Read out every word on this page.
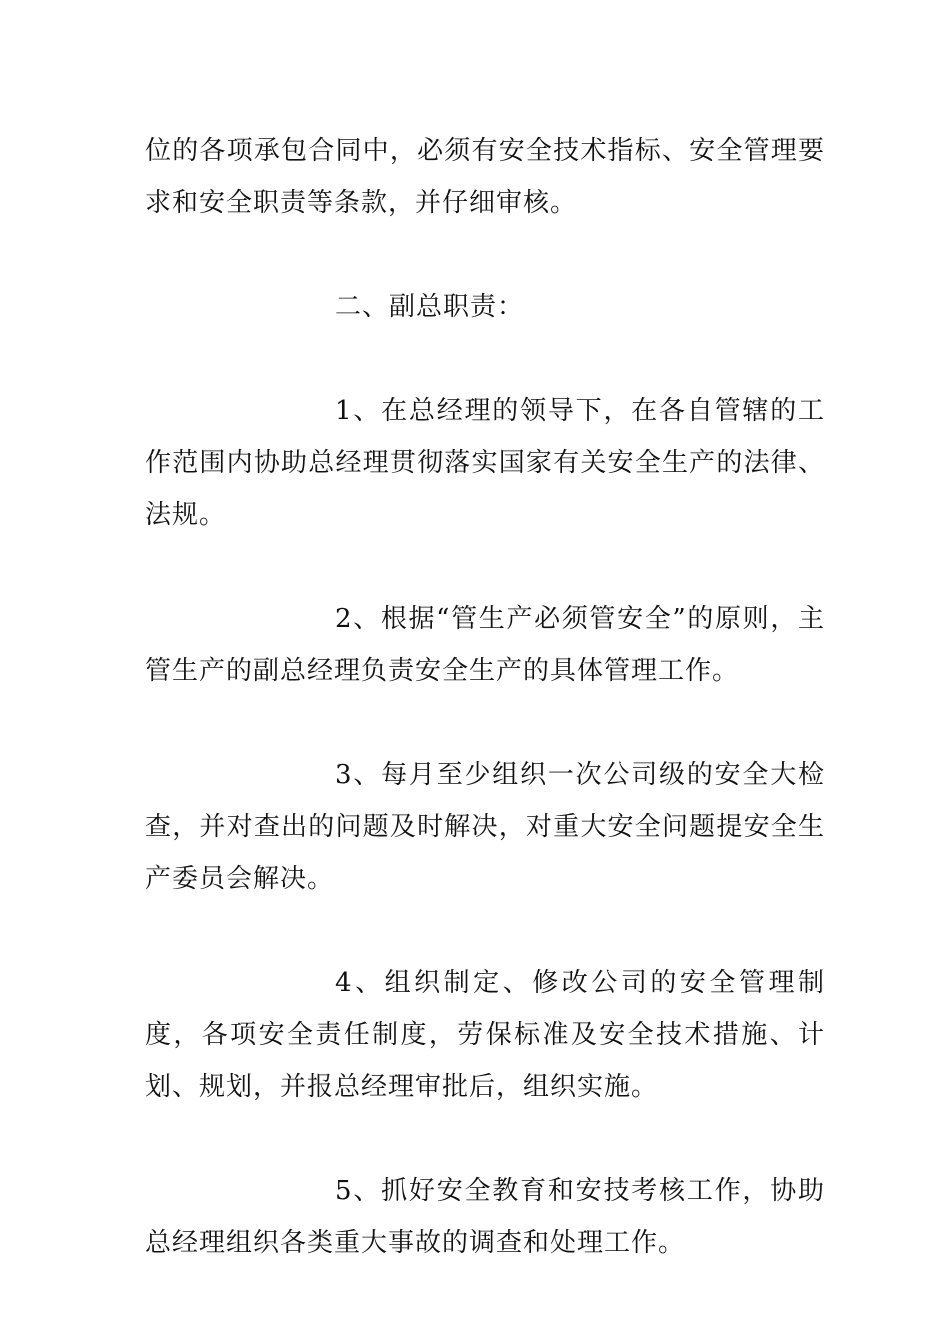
位的各项承包合同中，必须有安全技术指标、安全管理要求和安全职责等条款，并仔细审核。

二、副总职责：

1、在总经理的领导下，在各自管辖的工作范围内协助总经理贯彻落实国家有关安全生产的法律、法规。

2、根据“管生产必须管安全”的原则，主管生产的副总经理负责安全生产的具体管理工作。

3、每月至少组织一次公司级的安全大检查，并对查出的问题及时解决，对重大安全问题提安全生产委员会解决。

4、组织制定、修改公司的安全管理制度，各项安全责任制度，劳保标准及安全技术措施、计划、规划，并报总经理审批后，组织实施。

5、抓好安全教育和安技考核工作，协助总经理组织各类重大事故的调查和处理工作。
